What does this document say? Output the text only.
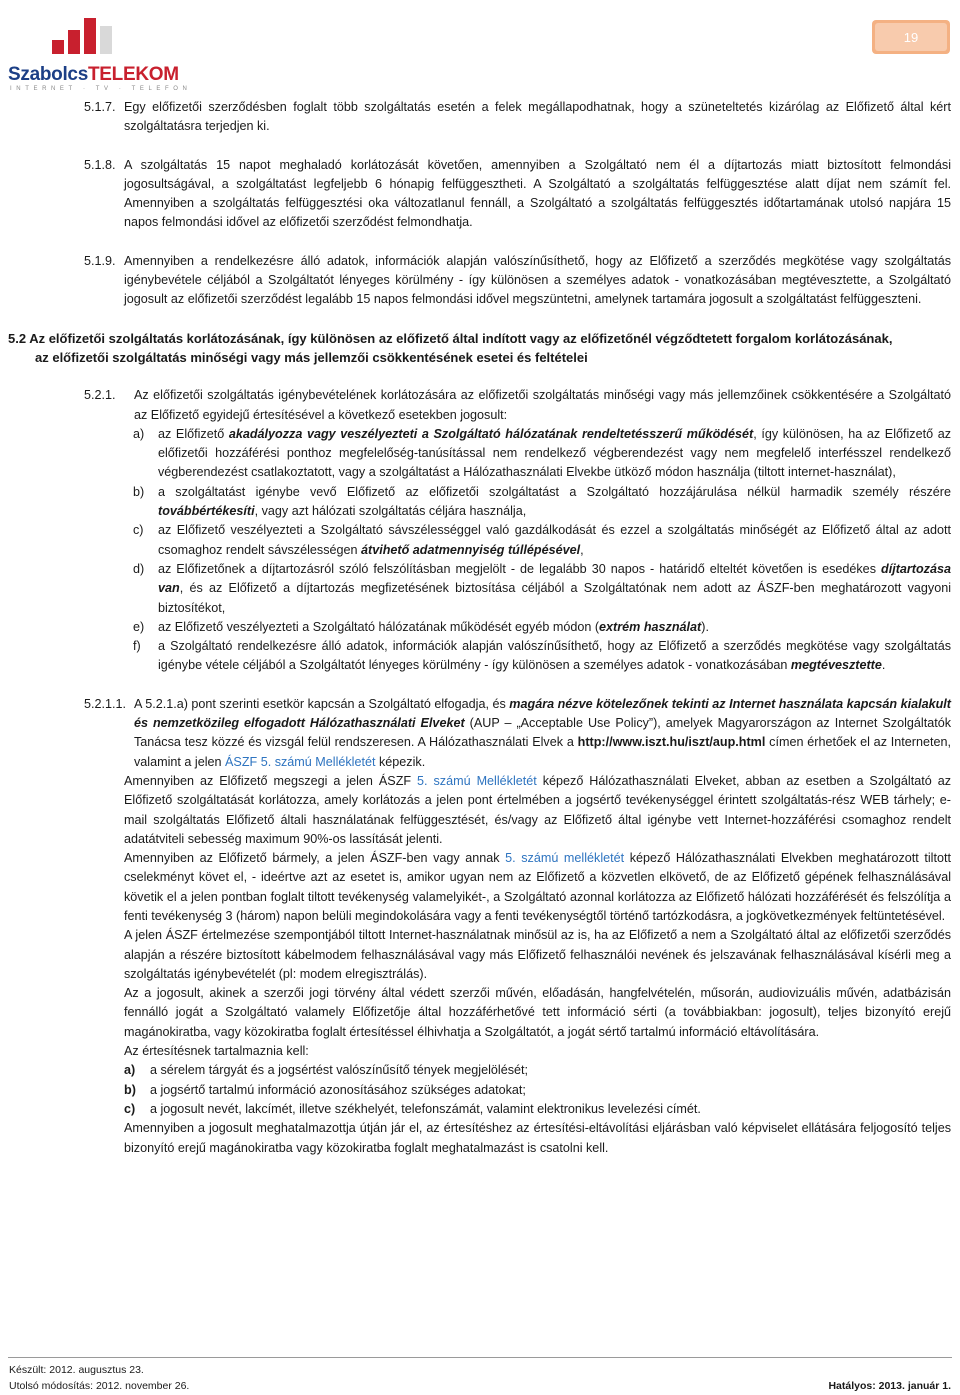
SzabolcsTELEKOM
INTERNET · TV · TELEFON
19
5.1.7. Egy előfizetői szerződésben foglalt több szolgáltatás esetén a felek megállapodhatnak, hogy a szüneteltetés kizárólag az Előfizető által kért szolgáltatásra terjedjen ki.
5.1.8. A szolgáltatás 15 napot meghaladó korlátozását követően, amennyiben a Szolgáltató nem él a díjtartozás miatt biztosított felmondási jogosultságával, a szolgáltatást legfeljebb 6 hónapig felfüggesztheti. A Szolgáltató a szolgáltatás felfüggesztése alatt díjat nem számít fel. Amennyiben a szolgáltatás felfüggesztési oka változatlanul fennáll, a Szolgáltató a szolgáltatás felfüggesztés időtartamának utolsó napjára 15 napos felmondási idővel az előfizetői szerződést felmondhatja.
5.1.9. Amennyiben a rendelkezésre álló adatok, információk alapján valószínűsíthető, hogy az Előfizető a szerződés megkötése vagy szolgáltatás igénybevétele céljából a Szolgáltatót lényeges körülmény - így különösen a személyes adatok - vonatkozásában megtévesztette, a Szolgáltató jogosult az előfizetői szerződést legalább 15 napos felmondási idővel megszüntetni, amelynek tartamára jogosult a szolgáltatást felfüggeszteni.
5.2 Az előfizetői szolgáltatás korlátozásának, így különösen az előfizető által indított vagy az előfizetőnél végződtetett forgalom korlátozásának,
az előfizetői szolgáltatás minőségi vagy más jellemzői csökkentésének esetei és feltételei
5.2.1.	Az előfizetői szolgáltatás igénybevételének korlátozására az előfizetői szolgáltatás minőségi vagy más jellemzőinek csökkentésére a Szolgáltató az Előfizető egyidejű értesítésével a következő esetekben jogosult:
a)	az Előfizető akadályozza vagy veszélyezteti a Szolgáltató hálózatának rendeltetésszerű működését, így különösen, ha az Előfizető az előfizetői hozzáférési ponthoz megfelelőség-tanúsítással nem rendelkező végberendezést vagy nem megfelelő interfésszel rendelkező végberendezést csatlakoztatott, vagy a szolgáltatást a Hálózathasználati Elvekbe ütköző módon használja (tiltott internet-használat),
b)	a szolgáltatást igénybe vevő Előfizető az előfizetői szolgáltatást a Szolgáltató hozzájárulása nélkül harmadik személy részére továbbértékesíti, vagy azt hálózati szolgáltatás céljára használja,
c)	az Előfizető veszélyezteti a Szolgáltató sávszélességgel való gazdálkodását és ezzel a szolgáltatás minőségét az Előfizető által az adott csomaghoz rendelt sávszélességen átvihető adatmennyiség túllépésével,
d)	az Előfizetőnek a díjtartozásról szóló felszólításban megjelölt - de legalább 30 napos - határidő elteltét követően is esedékes díjtartozása van, és az Előfizető a díjtartozás megfizetésének biztosítása céljából a Szolgáltatónak nem adott az ÁSZF-ben meghatározott vagyoni biztosítékot,
e)	az Előfizető veszélyezteti a Szolgáltató hálózatának működését egyéb módon (extrém használat).
f)	a Szolgáltató rendelkezésre álló adatok, információk alapján valószínűsíthető, hogy az Előfizető a szerződés megkötése vagy szolgáltatás igénybe vétele céljából a Szolgáltatót lényeges körülmény - így különösen a személyes adatok - vonatkozásában megtévesztette.
5.2.1.1. A 5.2.1.a) pont szerinti esetkör kapcsán a Szolgáltató elfogadja, és magára nézve kötelezőnek tekinti az Internet használata kapcsán kialakult és nemzetközileg elfogadott Hálózathasználati Elveket (AUP – „Acceptable Use Policy”), amelyek Magyarországon az Internet Szolgáltatók Tanácsa tesz közzé és vizsgál felül rendszeresen. A Hálózathasználati Elvek a http://www.iszt.hu/iszt/aup.html címen érhetőek el az Interneten, valamint a jelen ÁSZF 5. számú Mellékletét képezik.
Amennyiben az Előfizető megszegi a jelen ÁSZF 5. számú Mellékletét képező Hálózathasználati Elveket, abban az esetben a Szolgáltató az Előfizető szolgáltatását korlátozza, amely korlátozás a jelen pont értelmében a jogsértő tevékenységgel érintett szolgáltatás-rész WEB tárhely; e-mail szolgáltatás Előfizető általi használatának felfüggesztését, és/vagy az Előfizető által igénybe vett Internet-hozzáférési csomaghoz rendelt adatátviteli sebesség maximum 90%-os lassítását jelenti.
Amennyiben az Előfizető bármely, a jelen ÁSZF-ben vagy annak 5. számú mellékletét képező Hálózathasználati Elvekben meghatározott tiltott cselekményt követ el, - ideértve azt az esetet is, amikor ugyan nem az Előfizető a közvetlen elkövető, de az Előfizető gépének felhasználásával követik el a jelen pontban foglalt tiltott tevékenység valamelyikét-, a Szolgáltató azonnal korlátozza az Előfizető hálózati hozzáférését és felszólítja a fenti tevékenység 3 (három) napon belüli megindokolására vagy a fenti tevékenységtől történő tartózkodásra, a jogkövetkezmények feltüntetésével.
A jelen ÁSZF értelmezése szempontjából tiltott Internet-használatnak minősül az is, ha az Előfizető a nem a Szolgáltató által az előfizetői szerződés alapján a részére biztosított kábelmodem felhasználásával vagy más Előfizető felhasználói nevének és jelszavának felhasználásával kísérli meg a szolgáltatás igénybevételét (pl: modem elregisztrálás).
Az a jogosult, akinek a szerzői jogi törvény által védett szerzői művén, előadásán, hangfelvételén, műsorán, audiovizuális művén, adatbázisán fennálló jogát a Szolgáltató valamely Előfizetője által hozzáférhetővé tett információ sérti (a továbbiakban: jogosult), teljes bizonyító erejű magánokiratba, vagy közokiratba foglalt értesítéssel élhivhatja a Szolgáltatót, a jogát sértő tartalmú információ eltávolítására.
Az értesítésnek tartalmaznia kell:
a)	a sérelem tárgyát és a jogsértést valószínűsítő tények megjelölését;
b)	a jogsértő tartalmú információ azonosításához szükséges adatokat;
c)	a jogosult nevét, lakcímét, illetve székhelyét, telefonszámát, valamint elektronikus levelezési címét.
Amennyiben a jogosult meghatalmazottja útján jár el, az értesítéshez az értesítési-eltávolítási eljárásban való képviselet ellátására feljogosító teljes bizonyító erejű magánokiratba vagy közokiratba foglalt meghatalmazást is csatolni kell.
Készült: 2012. augusztus 23.
Utolsó módosítás: 2012. november 26.	Hatályos: 2013. január 1.
